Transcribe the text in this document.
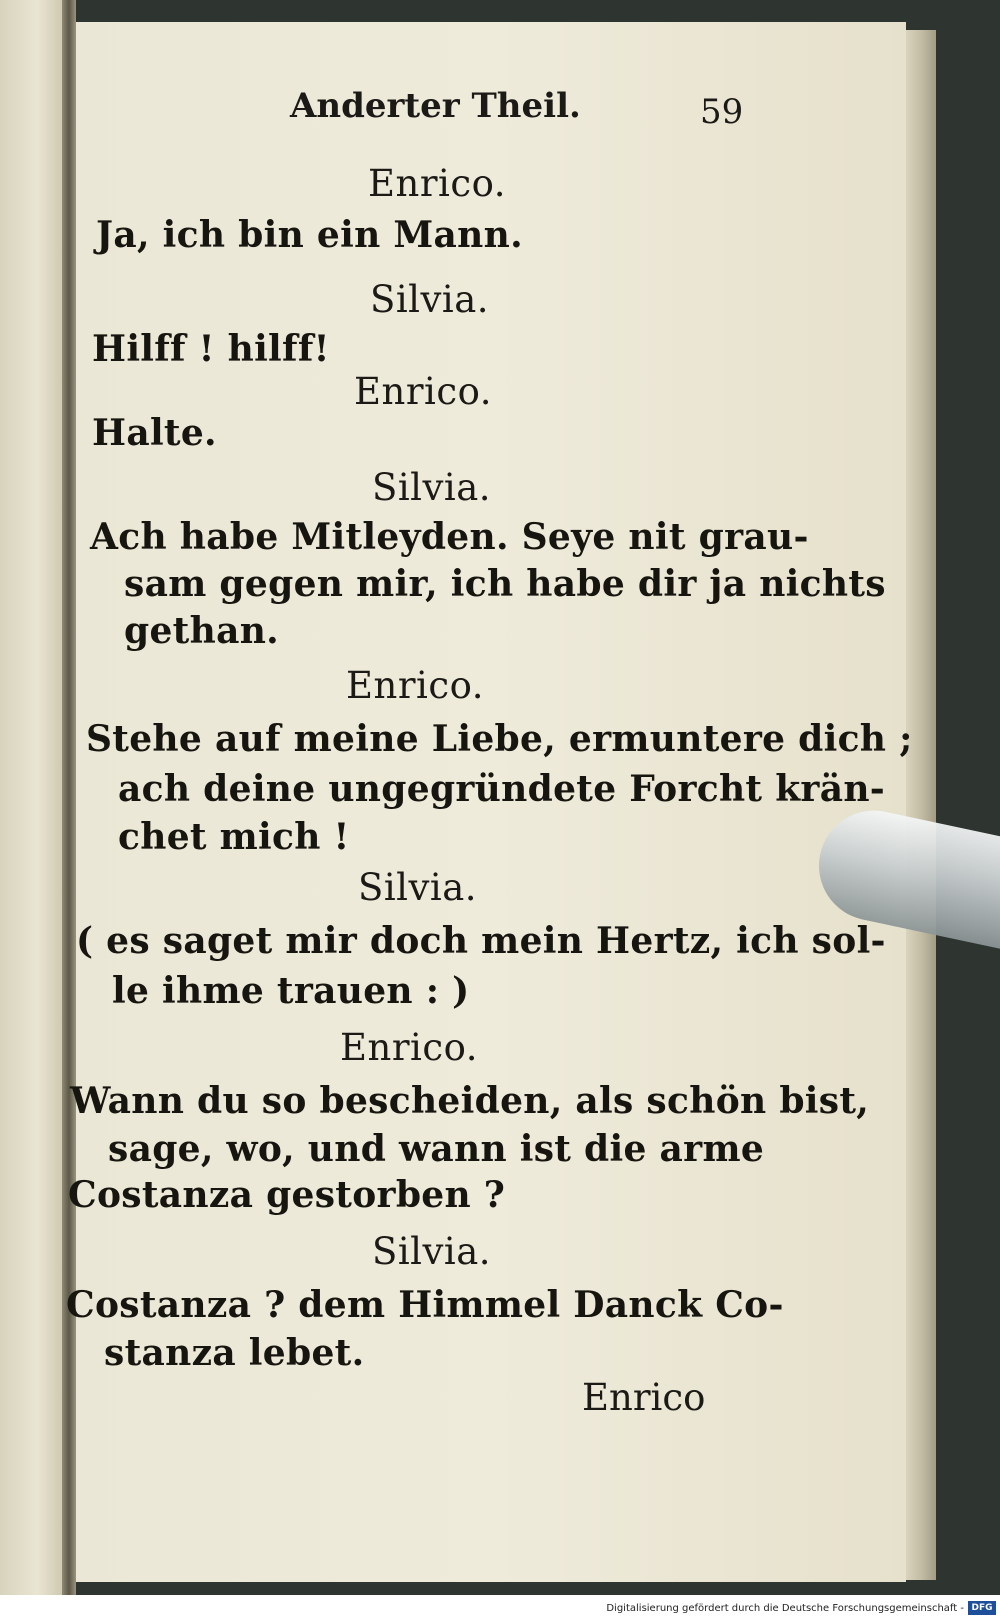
Anderter Theil.	59
Enrico.
Ja, ich bin ein Mann.
Silvia.
Hilff ! hilff!
Enrico.
Halte.
Silvia.
Ach habe Mitleyden. Seye nit grau-
sam gegen mir, ich habe dir ja nichts
gethan.
Enrico.
Stehe auf meine Liebe, ermuntere dich ;
ach deine ungegründete Forcht krän-
chet mich !
Silvia.
( es saget mir doch mein Hertz, ich sol-
le ihme trauen : )
Enrico.
Wann du so bescheiden, als schön bist,
sage, wo, und wann ist die arme
Costanza gestorben ?
Silvia.
Costanza ? dem Himmel Danck Co-
stanza lebet.
Enrico
Digitalisierung gefördert durch die Deutsche Forschungsgemeinschaft - DFG
